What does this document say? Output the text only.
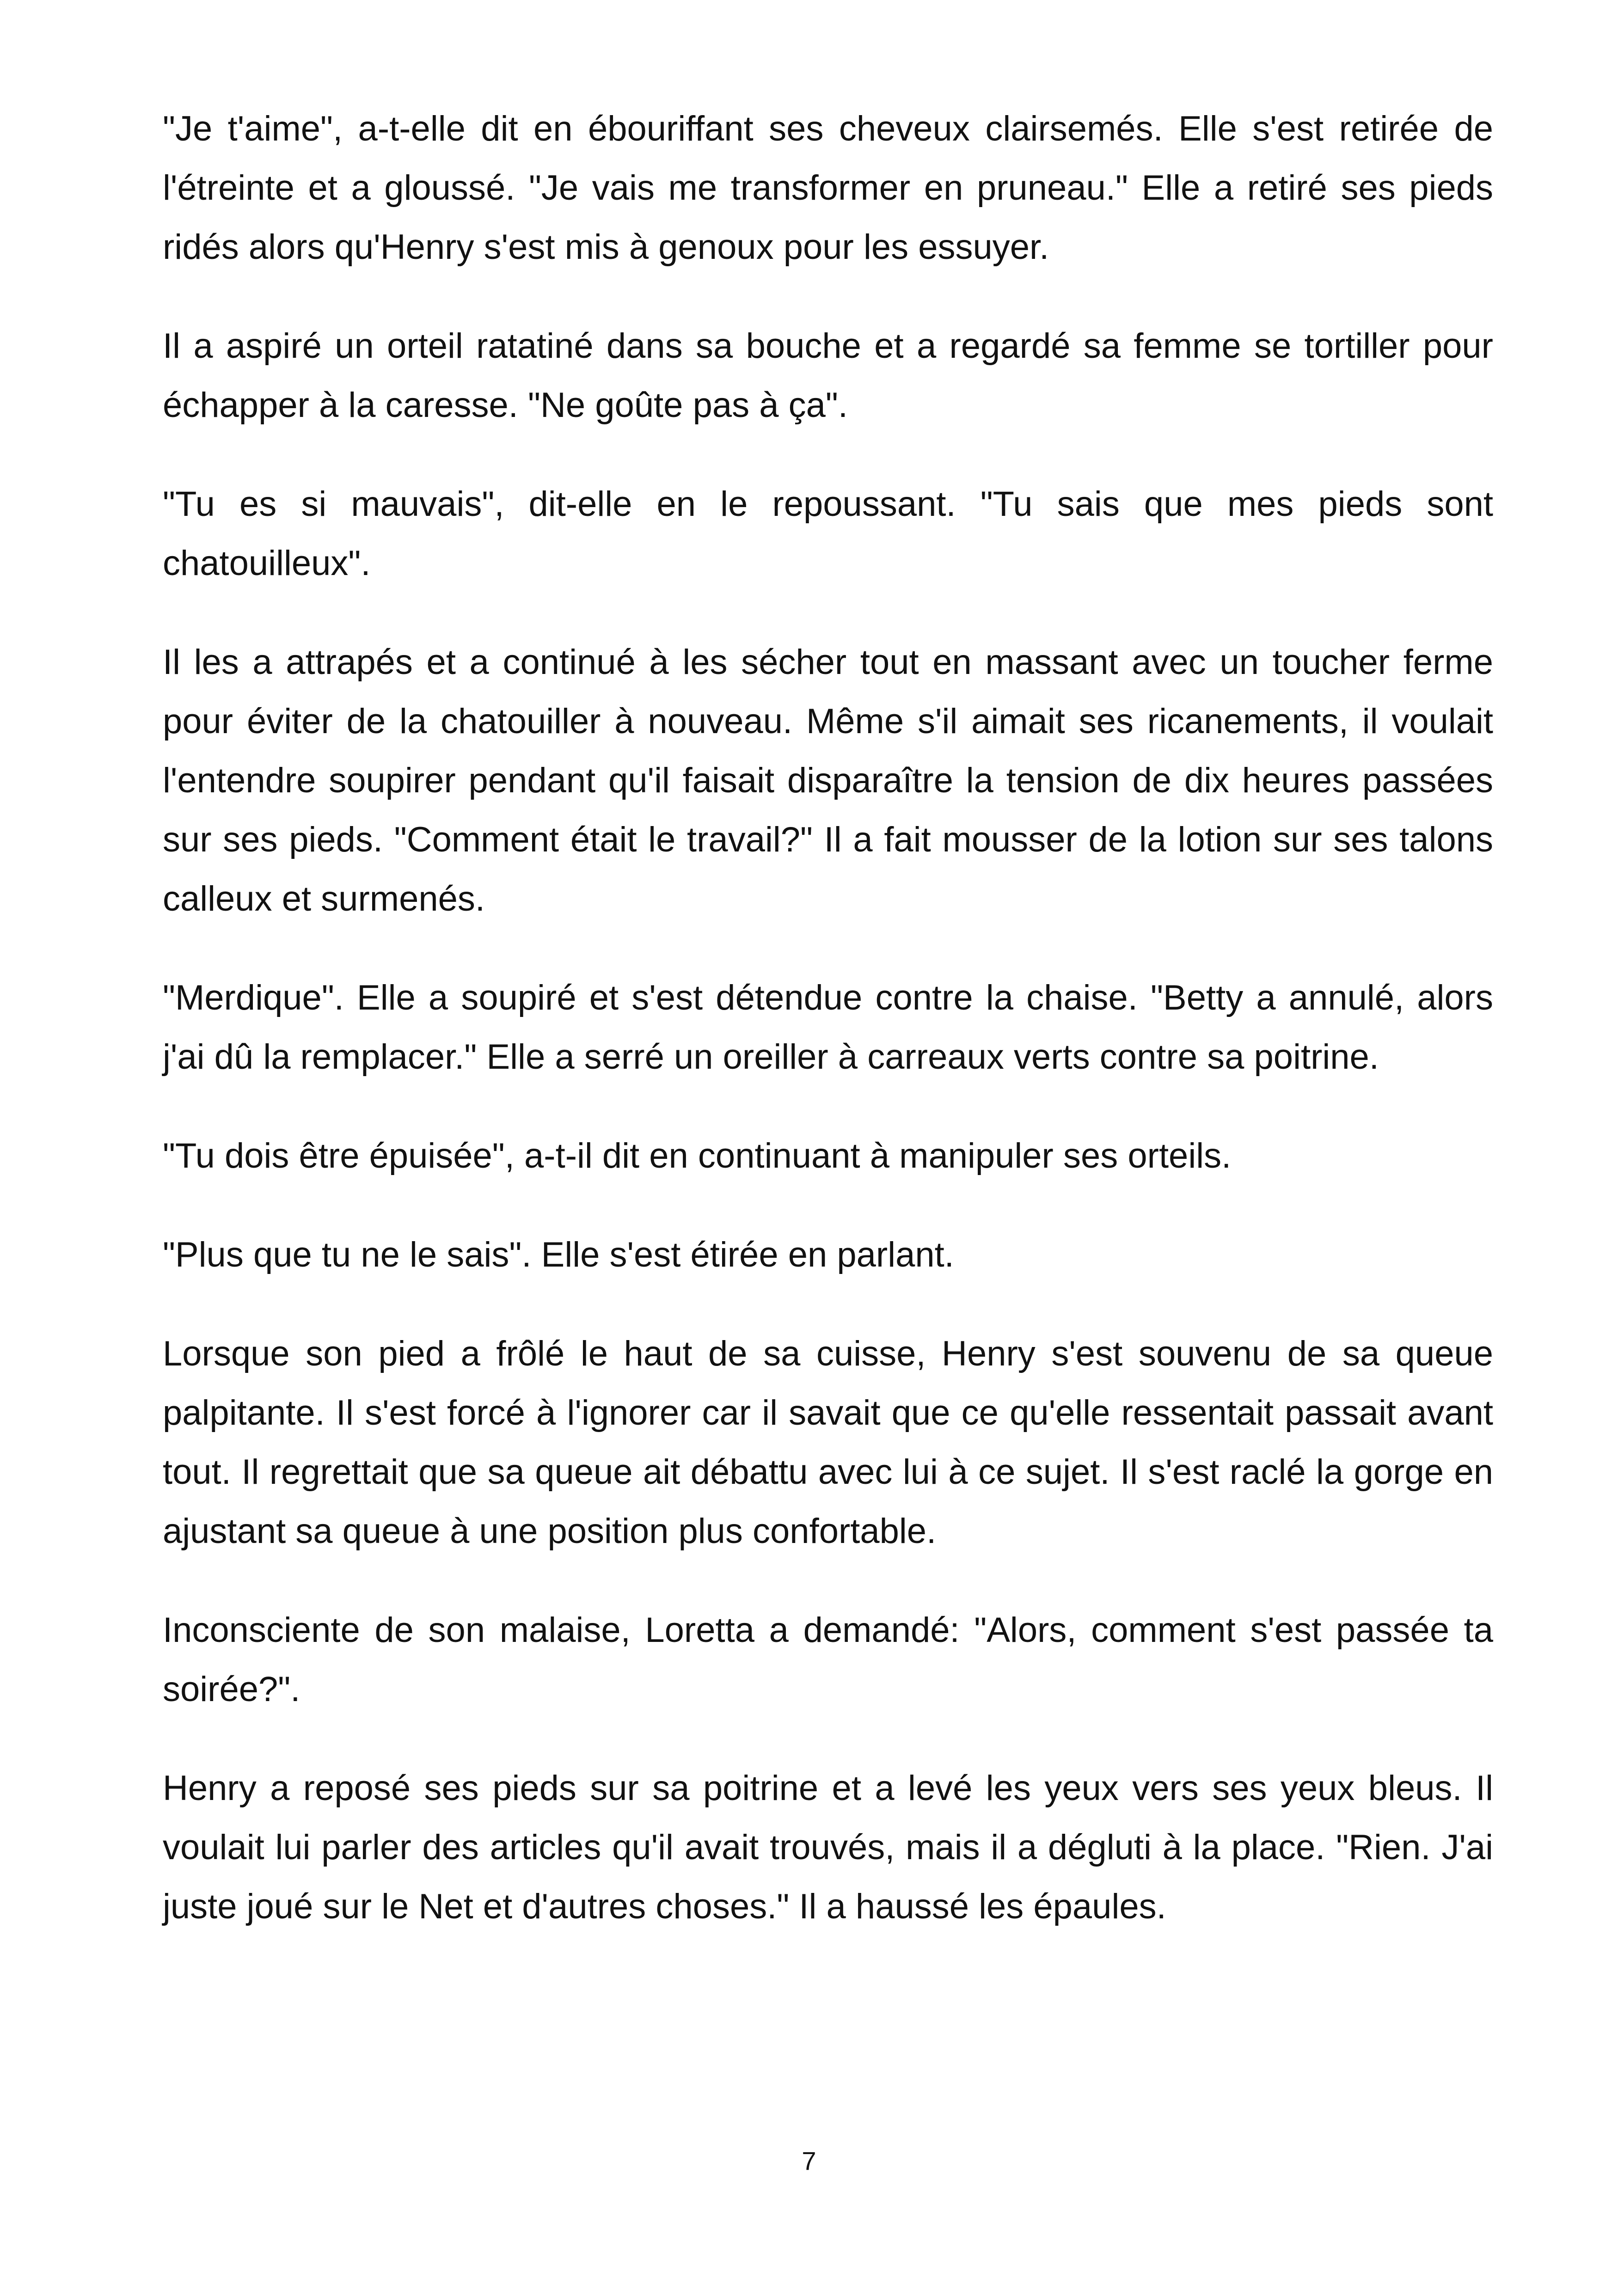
"Je t'aime", a-t-elle dit en ébouriffant ses cheveux clairsemés. Elle s'est retirée de l'étreinte et a gloussé. "Je vais me transformer en pruneau." Elle a retiré ses pieds ridés alors qu'Henry s'est mis à genoux pour les essuyer.

Il a aspiré un orteil ratatiné dans sa bouche et a regardé sa femme se tortiller pour échapper à la caresse. "Ne goûte pas à ça".

"Tu es si mauvais", dit-elle en le repoussant. "Tu sais que mes pieds sont chatouilleux".

Il les a attrapés et a continué à les sécher tout en massant avec un toucher ferme pour éviter de la chatouiller à nouveau. Même s'il aimait ses ricanements, il voulait l'entendre soupirer pendant qu'il faisait disparaître la tension de dix heures passées sur ses pieds. "Comment était le travail?" Il a fait mousser de la lotion sur ses talons calleux et surmenés.

"Merdique". Elle a soupiré et s'est détendue contre la chaise. "Betty a annulé, alors j'ai dû la remplacer." Elle a serré un oreiller à carreaux verts contre sa poitrine.

"Tu dois être épuisée", a-t-il dit en continuant à manipuler ses orteils.

"Plus que tu ne le sais". Elle s'est étirée en parlant.

Lorsque son pied a frôlé le haut de sa cuisse, Henry s'est souvenu de sa queue palpitante. Il s'est forcé à l'ignorer car il savait que ce qu'elle ressentait passait avant tout. Il regrettait que sa queue ait débattu avec lui à ce sujet. Il s'est raclé la gorge en ajustant sa queue à une position plus confortable.

Inconsciente de son malaise, Loretta a demandé: "Alors, comment s'est passée ta soirée?".

Henry a reposé ses pieds sur sa poitrine et a levé les yeux vers ses yeux bleus. Il voulait lui parler des articles qu'il avait trouvés, mais il a dégluti à la place. "Rien. J'ai juste joué sur le Net et d'autres choses." Il a haussé les épaules.

7
